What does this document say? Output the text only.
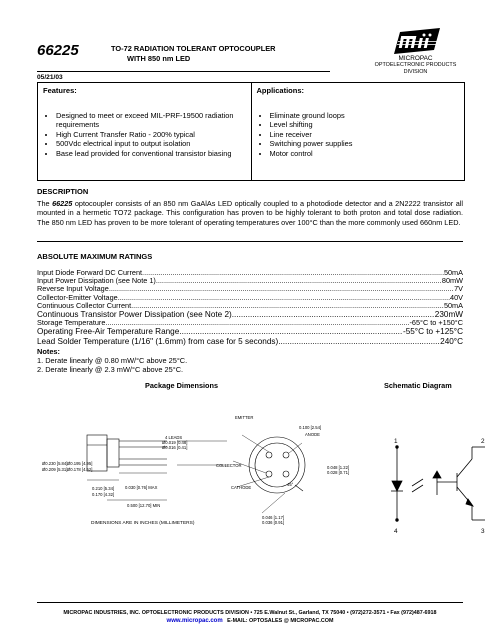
66225	TO-72 RADIATION TOLERANT OPTOCOUPLER
WITH 850 nm LED	MICROPAC
OPTOELECTRONIC PRODUCTS
DIVISION
05/21/03
Features:
• Designed to meet or exceed MIL-PRF-19500 radiation requirements
• High Current Transfer Ratio - 200% typical
• 500Vdc electrical input to output isolation
• Base lead provided for conventional transistor biasing
Applications:
• Eliminate ground loops
• Level shifting
• Line receiver
• Switching power supplies
• Motor control
DESCRIPTION
The 66225 optocoupler consists of an 850 nm GaAlAs LED optically coupled to a photodiode detector and a 2N2222 transistor all mounted in a hermetic TO72 package. This configuration has proven to be highly tolerant to both proton and total dose radiation. The 850 nm LED has proven to be more tolerant of operating temperatures over 100°C than the more commonly used 660nm LED.
ABSOLUTE MAXIMUM RATINGS
Input Diode Forward DC Current .....	50mA
Input Power Dissipation (see Note 1) .....	80mW
Reverse Input Voltage .....	7V
Collector-Emitter Voltage .....	40V
Continuous Collector Current .....	50mA
Continuous Transistor Power Dissipation (see Note 2) .....	230mW
Storage Temperature .....	-65°C to +150°C
Operating Free-Air Temperature Range .....	-55°C to +125°C
Lead Solder Temperature (1/16" (1.6mm) from case for 5 seconds) .....	240°C
Notes:
1. Derate linearly @ 0.80 mW/°C above 25°C.
2. Derate linearly @ 2.3 mW/°C above 25°C.
Package Dimensions	Schematic Diagram
Ø0.230 [5.84]
Ø0.209 [5.31]
Ø0.195 [4.95]
Ø0.178 [4.52]
0.210 [5.34]
0.170 [4.32]
0.030 [0.76] MAX
0.500 [12.70] MIN
4 LEADS
Ø0.019 [0.48]
Ø0.016 [0.41]
DIMENSIONS ARE IN INCHES (MILLIMETERS)
EMITTER
0.100 [2.54]
ANODE
COLLECTOR
CATHODE
0.048 [1.22]
0.028 [0.71]
45°
0.046 [1.17]
0.036 [0.91]
1	2
3
4
MICROPAC INDUSTRIES, INC. OPTOELECTRONIC PRODUCTS DIVISION • 725 E.Walnut St., Garland, TX 75040 • (972)272-3571 • Fax (972)487-6918
www.micropac.com E-MAIL: OPTOSALES @ MICROPAC.COM
